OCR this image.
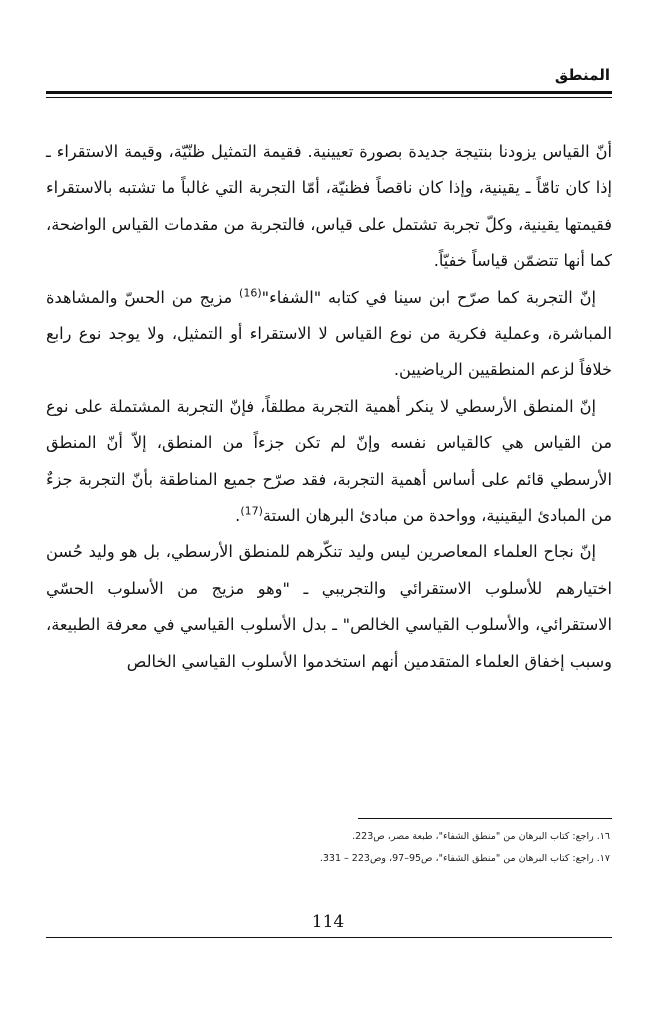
المنطق

أنّ القياس يزودنا بنتيجة جديدة بصورة تعيينية. فقيمة التمثيل ظنّيّة، وقيمة الاستقراء ـ إذا كان تامّاً ـ يقينية، وإذا كان ناقصاً فظنيّة، أمّا التجربة التي غالباً ما تشتبه بالاستقراء فقيمتها يقينية، وكلّ تجربة تشتمل على قياس، فالتجربة من مقدمات القياس الواضحة، كما أنها تتضمّن قياساً خفيّاً.

إنّ التجربة كما صرّح ابن سينا في كتابه "الشفاء"$^{(16)}$ مزيج من الحسّ والمشاهدة المباشرة، وعملية فكرية من نوع القياس لا الاستقراء أو التمثيل، ولا يوجد نوع رابع خلافاً لزعم المنطقيين الرياضيين.

إنّ المنطق الأرسطي لا ينكر أهمية التجربة مطلقاً، فإنّ التجربة المشتملة على نوع من القياس هي كالقياس نفسه وإنّ لم تكن جزءاً من المنطق، إلاّ أنّ المنطق الأرسطي قائم على أساس أهمية التجربة، فقد صرّح جميع المناطقة بأنّ التجربة جزءٌ من المبادئ اليقينية، وواحدة من مبادئ البرهان الستة$^{(17)}$.

إنّ نجاح العلماء المعاصرين ليس وليد تنكّرهم للمنطق الأرسطي، بل هو وليد حُسن اختيارهم للأسلوب الاستقرائي والتجريبي ـ "وهو مزيج من الأسلوب الحسّي الاستقرائي، والأسلوب القياسي الخالص" ـ بدل الأسلوب القياسي في معرفة الطبيعة، وسبب إخفاق العلماء المتقدمين أنهم استخدموا الأسلوب القياسي الخالص

١٦. راجع: كتاب البرهان من "منطق الشفاء"، طبعة مصر، ص223.
١٧. راجع: كتاب البرهان من "منطق الشفاء"، ص95–97، وص223 – 331.
114
